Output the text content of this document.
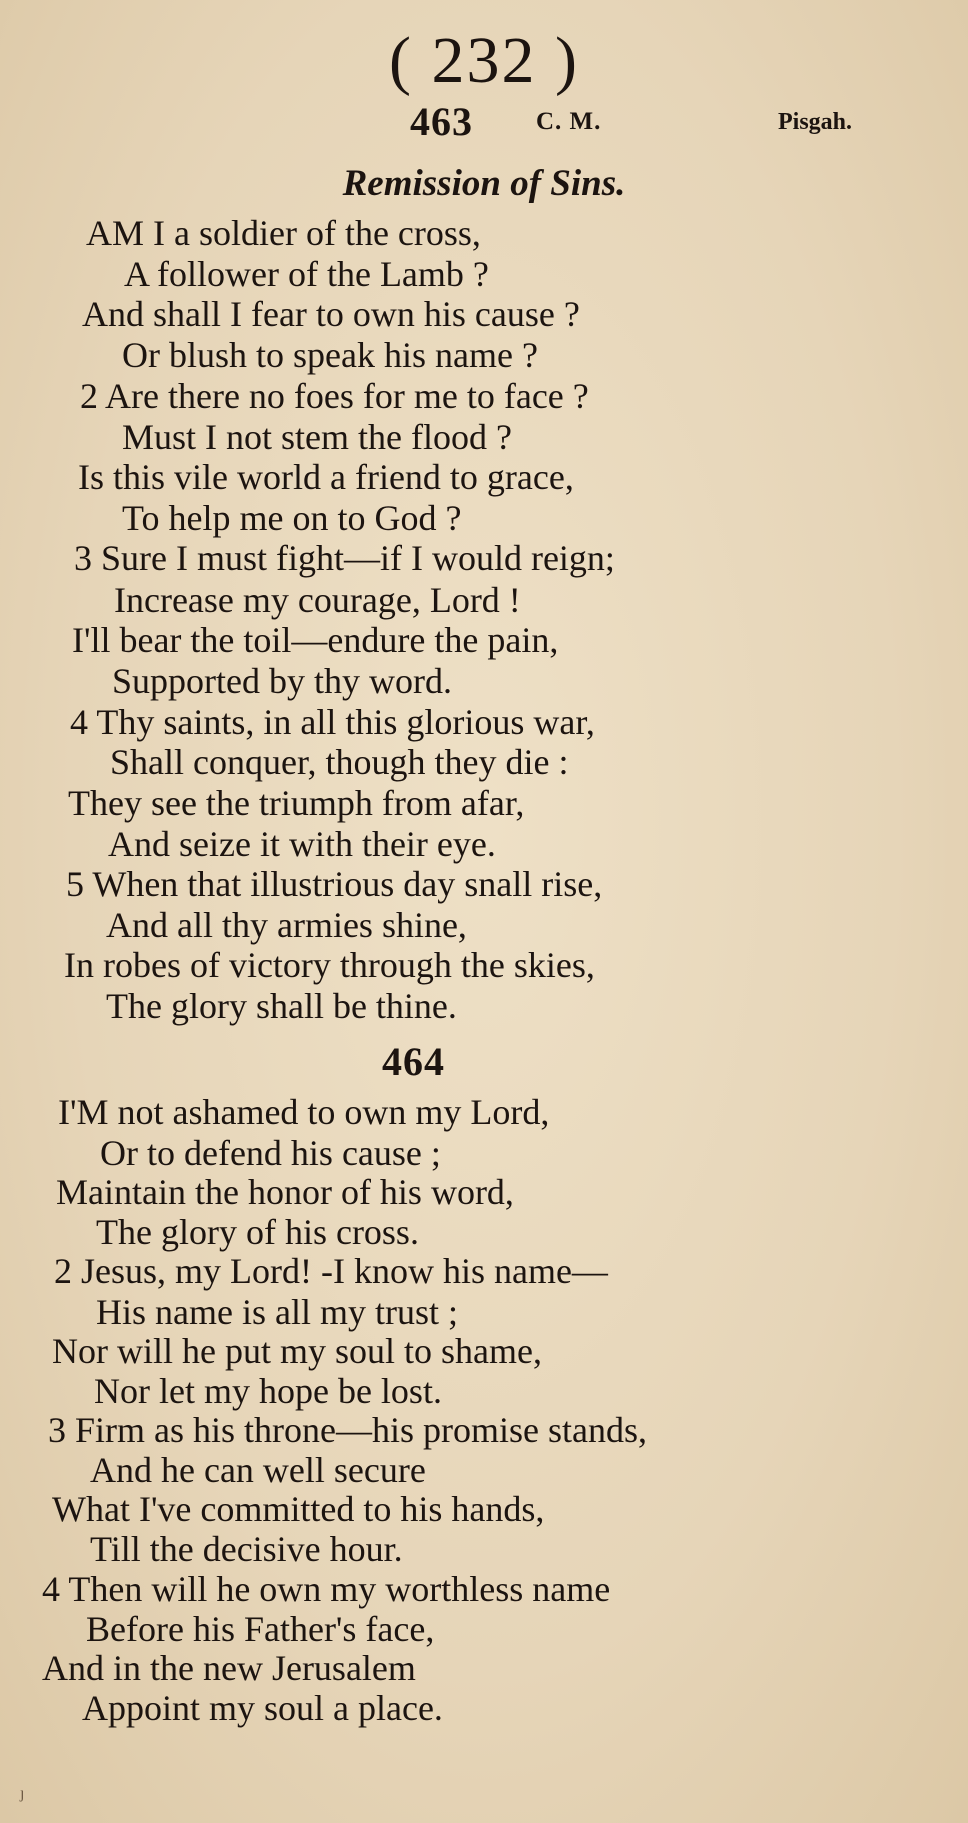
( 232 )
463	C. M.	Pisgah.
Remission of Sins.
AM I a soldier of the cross,
A follower of the Lamb ?
And shall I fear to own his cause ?
Or blush to speak his name ?
2 Are there no foes for me to face ?
Must I not stem the flood ?
Is this vile world a friend to grace,
To help me on to God ?
3 Sure I must fight—if I would reign;
Increase my courage, Lord !
I'll bear the toil—endure the pain,
Supported by thy word.
4 Thy saints, in all this glorious war,
Shall conquer, though they die :
They see the triumph from afar,
And seize it with their eye.
5 When that illustrious day snall rise,
And all thy armies shine,
In robes of victory through the skies,
The glory shall be thine.
464
I'M not ashamed to own my Lord,
Or to defend his cause ;
Maintain the honor of his word,
The glory of his cross.
2 Jesus, my Lord! -I know his name—
His name is all my trust ;
Nor will he put my soul to shame,
Nor let my hope be lost.
3 Firm as his throne—his promise stands,
And he can well secure
What I've committed to his hands,
Till the decisive hour.
4 Then will he own my worthless name
Before his Father's face,
And in the new Jerusalem
Appoint my soul a place.
ȷ
